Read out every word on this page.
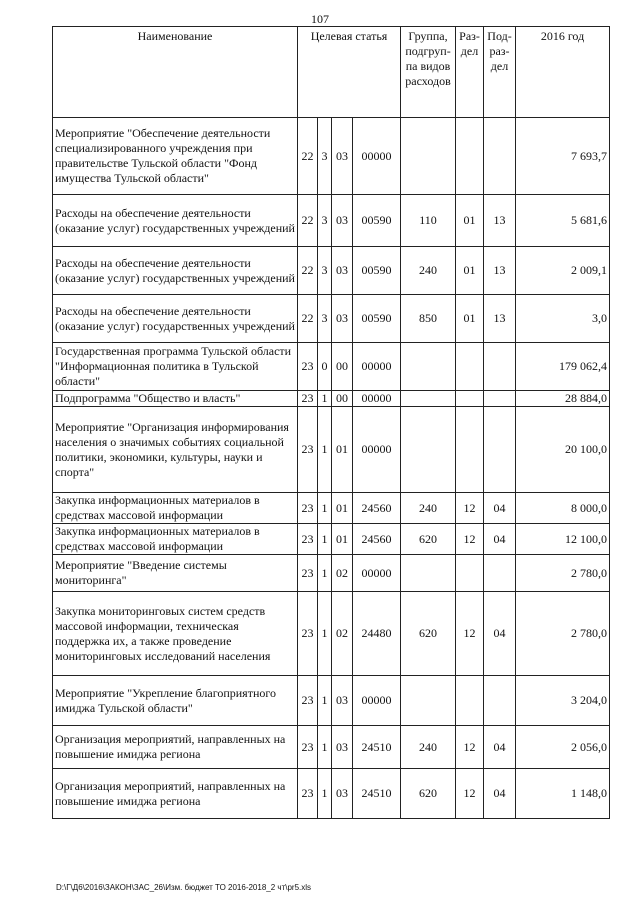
107
Наименование	Целевая статья				Группа, подгруп-па видов расходов	Раз-дел	Под-раз-дел	2016 год
Мероприятие "Обеспечение деятельности специализированного учреждения при правительстве Тульской области "Фонд имущества Тульской области"	22	3	03	00000				7 693,7
Расходы на обеспечение деятельности (оказание услуг) государственных учреждений	22	3	03	00590	110	01	13	5 681,6
Расходы на обеспечение деятельности (оказание услуг) государственных учреждений	22	3	03	00590	240	01	13	2 009,1
Расходы на обеспечение деятельности (оказание услуг) государственных учреждений	22	3	03	00590	850	01	13	3,0
Государственная программа Тульской области "Информационная политика в Тульской области"	23	0	00	00000				179 062,4
Подпрограмма "Общество и власть"	23	1	00	00000				28 884,0
Мероприятие "Организация информирования населения о значимых событиях социальной политики, экономики, культуры, науки и спорта"	23	1	01	00000				20 100,0
Закупка информационных материалов в средствах массовой информации	23	1	01	24560	240	12	04	8 000,0
Закупка информационных материалов в средствах массовой информации	23	1	01	24560	620	12	04	12 100,0
Мероприятие "Введение системы мониторинга"	23	1	02	00000				2 780,0
Закупка мониторинговых систем средств массовой информации, техническая поддержка их, а также проведение мониторинговых исследований населения	23	1	02	24480	620	12	04	2 780,0
Мероприятие "Укрепление благоприятного имиджа Тульской области"	23	1	03	00000				3 204,0
Организация мероприятий, направленных на повышение имиджа региона	23	1	03	24510	240	12	04	2 056,0
Организация мероприятий, направленных на повышение имиджа региона	23	1	03	24510	620	12	04	1 148,0
D:\Г\Д6\2016\ЗАКОН\ЗАС_26\Изм. бюджет ТО 2016-2018_2 чт\pr5.xls
